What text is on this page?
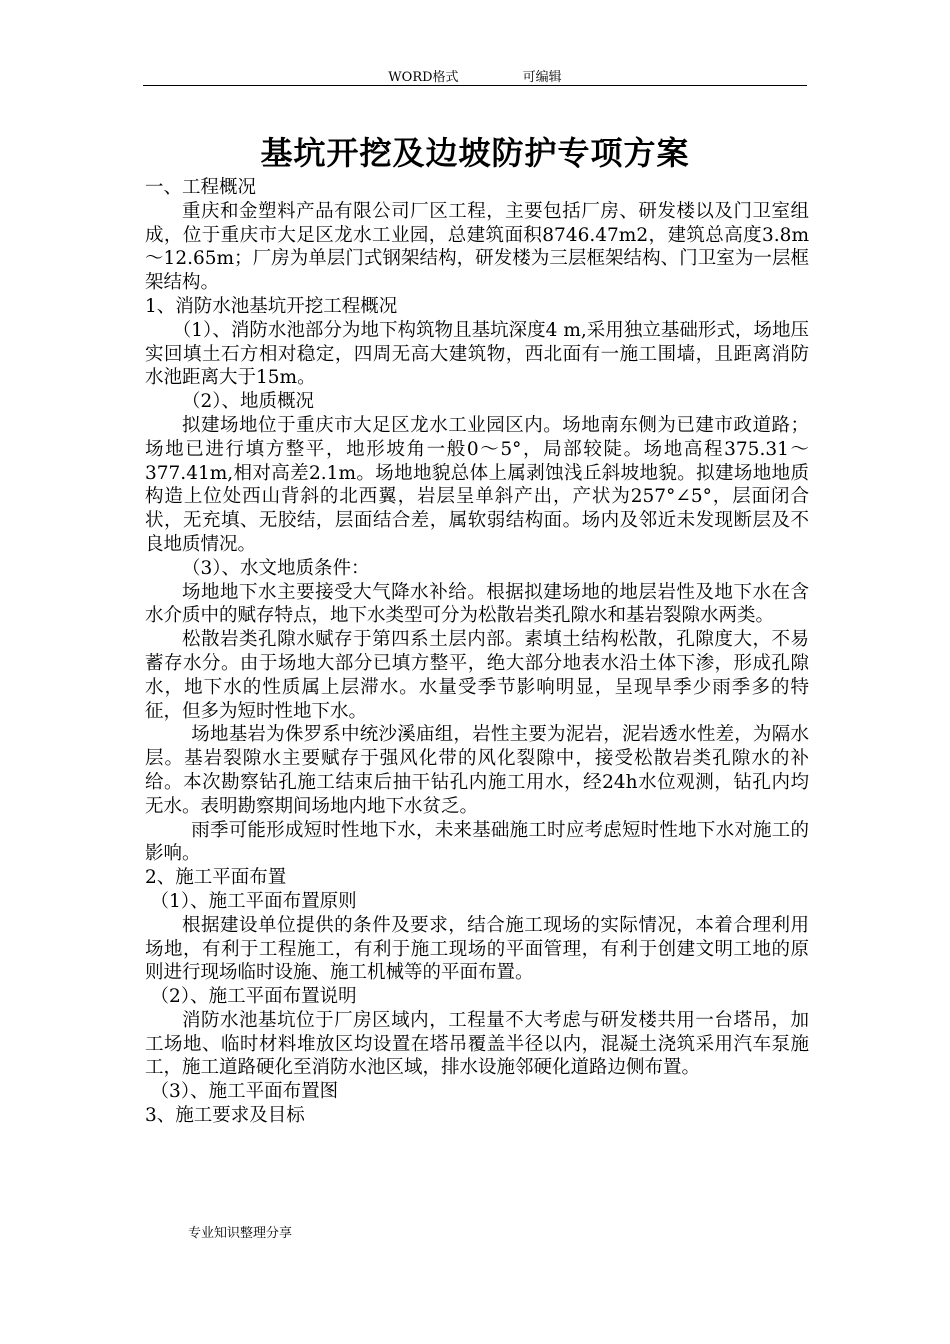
WORD格式	可编辑
基坑开挖及边坡防护专项方案

一、工程概况

重庆和金塑料产品有限公司厂区工程，主要包括厂房、研发楼以及门卫室组成，位于重庆市大足区龙水工业园，总建筑面积8746.47m2，建筑总高度3.8m～12.65m；厂房为单层门式钢架结构，研发楼为三层框架结构、门卫室为一层框架结构。

1、消防水池基坑开挖工程概况

（1）、消防水池部分为地下构筑物且基坑深度4 m,采用独立基础形式，场地压实回填土石方相对稳定，四周无高大建筑物，西北面有一施工围墙，且距离消防水池距离大于15m。

（2）、地质概况

拟建场地位于重庆市大足区龙水工业园区内。场地南东侧为已建市政道路；场地已进行填方整平，地形坡角一般0～5°，局部较陡。场地高程375.31～377.41m,相对高差2.1m。场地地貌总体上属剥蚀浅丘斜坡地貌。拟建场地地质构造上位处西山背斜的北西翼，岩层呈单斜产出，产状为257°∠5°，层面闭合状，无充填、无胶结，层面结合差，属软弱结构面。场内及邻近未发现断层及不良地质情况。

（3）、水文地质条件：

场地地下水主要接受大气降水补给。根据拟建场地的地层岩性及地下水在含水介质中的赋存特点，地下水类型可分为松散岩类孔隙水和基岩裂隙水两类。

松散岩类孔隙水赋存于第四系土层内部。素填土结构松散，孔隙度大，不易蓄存水分。由于场地大部分已填方整平，绝大部分地表水沿土体下渗，形成孔隙水，地下水的性质属上层滞水。水量受季节影响明显，呈现旱季少雨季多的特征，但多为短时性地下水。

场地基岩为侏罗系中统沙溪庙组，岩性主要为泥岩，泥岩透水性差，为隔水层。基岩裂隙水主要赋存于强风化带的风化裂隙中，接受松散岩类孔隙水的补给。本次勘察钻孔施工结束后抽干钻孔内施工用水，经24h水位观测，钻孔内均无水。表明勘察期间场地内地下水贫乏。

雨季可能形成短时性地下水，未来基础施工时应考虑短时性地下水对施工的影响。

2、施工平面布置

（1）、施工平面布置原则

根据建设单位提供的条件及要求，结合施工现场的实际情况，本着合理利用场地，有利于工程施工，有利于施工现场的平面管理，有利于创建文明工地的原则进行现场临时设施、施工机械等的平面布置。

（2）、施工平面布置说明

消防水池基坑位于厂房区域内，工程量不大考虑与研发楼共用一台塔吊，加工场地、临时材料堆放区均设置在塔吊覆盖半径以内，混凝土浇筑采用汽车泵施工，施工道路硬化至消防水池区域，排水设施邻硬化道路边侧布置。

（3）、施工平面布置图

3、施工要求及目标

专业知识整理分享
